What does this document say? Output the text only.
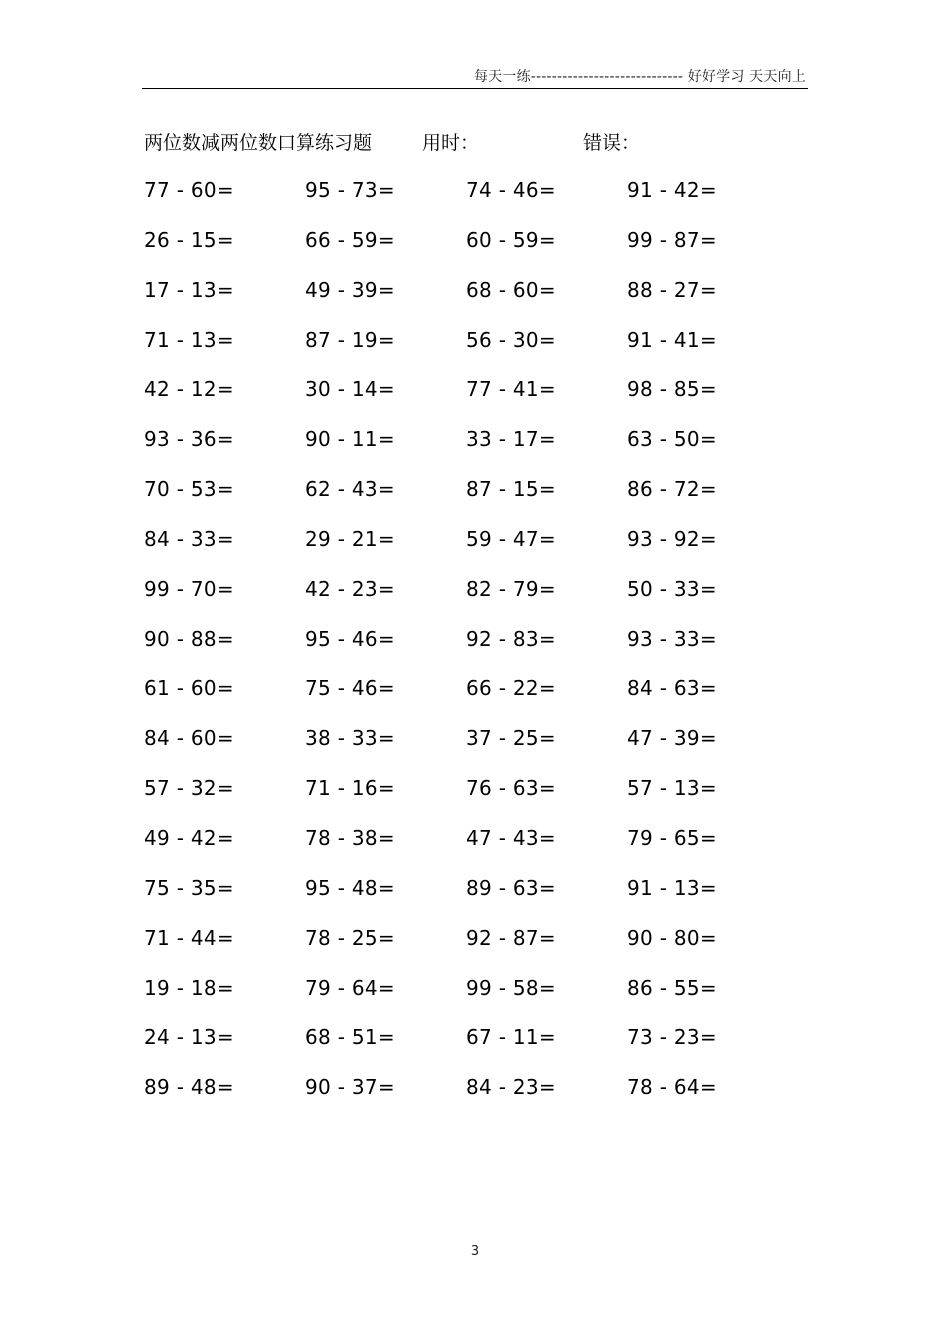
每天一练----------------------------- 好好学习 天天向上
两位数减两位数口算练习题	用时：	错误：
77 - 60=	95 - 73=	74 - 46=	91 - 42=
26 - 15=	66 - 59=	60 - 59=	99 - 87=
17 - 13=	49 - 39=	68 - 60=	88 - 27=
71 - 13=	87 - 19=	56 - 30=	91 - 41=
42 - 12=	30 - 14=	77 - 41=	98 - 85=
93 - 36=	90 - 11=	33 - 17=	63 - 50=
70 - 53=	62 - 43=	87 - 15=	86 - 72=
84 - 33=	29 - 21=	59 - 47=	93 - 92=
99 - 70=	42 - 23=	82 - 79=	50 - 33=
90 - 88=	95 - 46=	92 - 83=	93 - 33=
61 - 60=	75 - 46=	66 - 22=	84 - 63=
84 - 60=	38 - 33=	37 - 25=	47 - 39=
57 - 32=	71 - 16=	76 - 63=	57 - 13=
49 - 42=	78 - 38=	47 - 43=	79 - 65=
75 - 35=	95 - 48=	89 - 63=	91 - 13=
71 - 44=	78 - 25=	92 - 87=	90 - 80=
19 - 18=	79 - 64=	99 - 58=	86 - 55=
24 - 13=	68 - 51=	67 - 11=	73 - 23=
89 - 48=	90 - 37=	84 - 23=	78 - 64=
3
